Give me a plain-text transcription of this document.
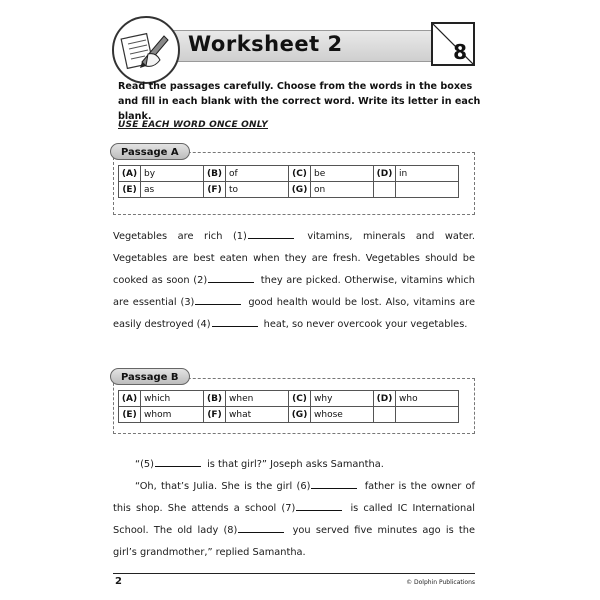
Worksheet 2	8
Read the passages carefully. Choose from the words in the boxes and fill in each blank with the correct word. Write its letter in each blank.
USE EACH WORD ONCE ONLY
Passage A
(A)	by	(B)	of	(C)	be	(D)	in
(E)	as	(F)	to	(G)	on		
Vegetables are rich (1)	vitamins, minerals and water. Vegetables are best eaten when they are fresh. Vegetables should be cooked as soon (2)	they are picked. Otherwise, vitamins which are essential (3)	good health would be lost. Also, vitamins are easily destroyed (4)	heat, so never overcook your vegetables.
Passage B
(A)	which	(B)	when	(C)	why	(D)	who
(E)	whom	(F)	what	(G)	whose		
“(5)	is that girl?” Joseph asks Samantha.
“Oh, that’s Julia. She is the girl (6)	father is the owner of this shop. She attends a school (7)	is called IC International School. The old lady (8)	you served five minutes ago is the girl’s grandmother,” replied Samantha.
2	© Dolphin Publications
